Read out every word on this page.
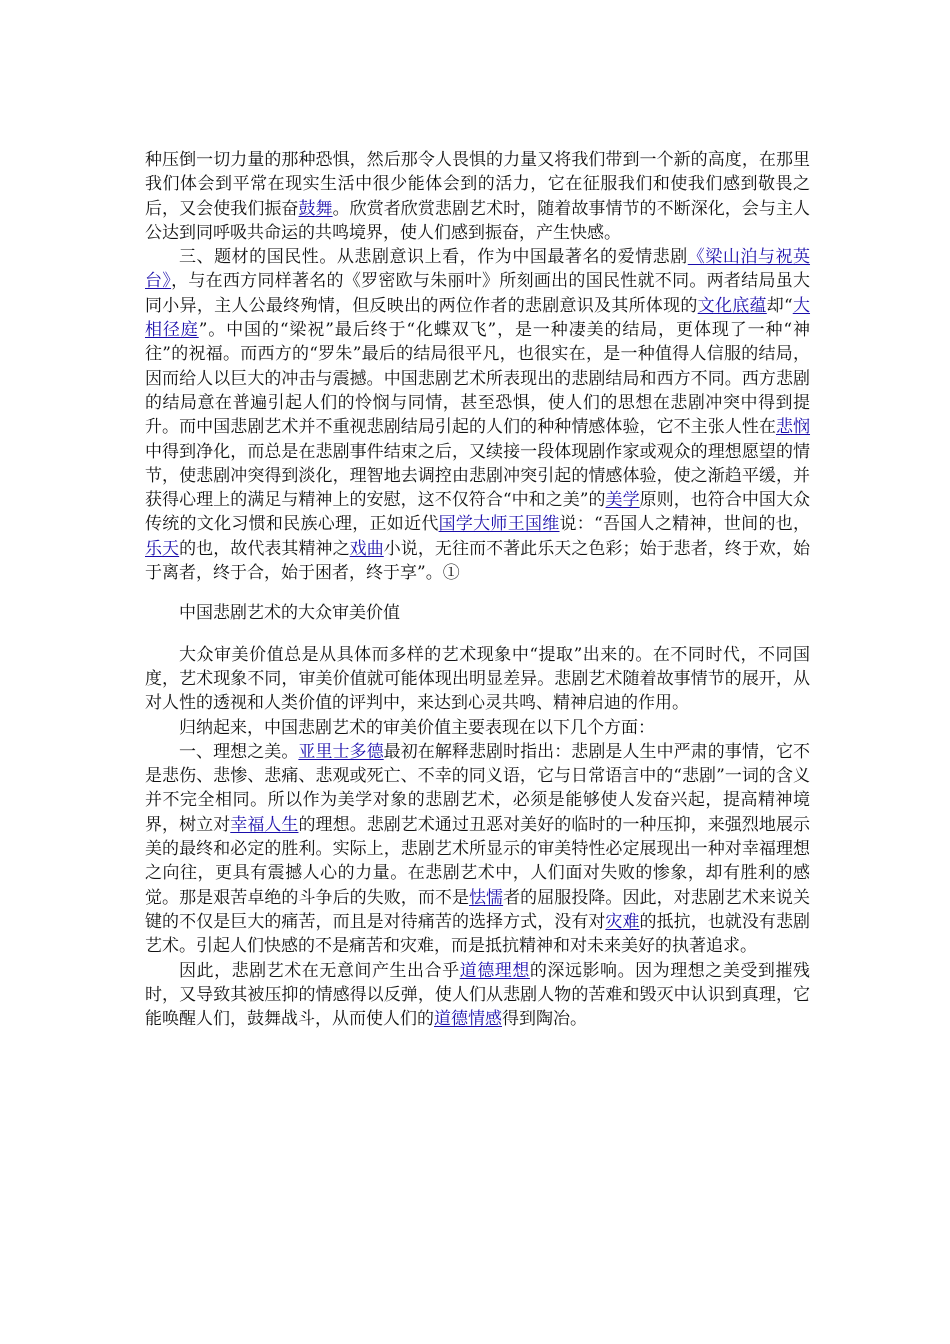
种压倒一切力量的那种恐惧，然后那令人畏惧的力量又将我们带到一个新的高度，在那里我们体会到平常在现实生活中很少能体会到的活力，它在征服我们和使我们感到敬畏之后，又会使我们振奋鼓舞。欣赏者欣赏悲剧艺术时，随着故事情节的不断深化，会与主人公达到同呼吸共命运的共鸣境界，使人们感到振奋，产生快感。

三、题材的国民性。从悲剧意识上看，作为中国最著名的爱情悲剧《梁山泊与祝英台》，与在西方同样著名的《罗密欧与朱丽叶》所刻画出的国民性就不同。两者结局虽大同小异，主人公最终殉情，但反映出的两位作者的悲剧意识及其所体现的文化底蕴却“大相径庭”。中国的“梁祝”最后终于“化蝶双飞”，是一种凄美的结局，更体现了一种“神往”的祝福。而西方的“罗朱”最后的结局很平凡，也很实在，是一种值得人信服的结局，因而给人以巨大的冲击与震撼。中国悲剧艺术所表现出的悲剧结局和西方不同。西方悲剧的结局意在普遍引起人们的怜悯与同情，甚至恐惧，使人们的思想在悲剧冲突中得到提升。而中国悲剧艺术并不重视悲剧结局引起的人们的种种情感体验，它不主张人性在悲悯中得到净化，而总是在悲剧事件结束之后，又续接一段体现剧作家或观众的理想愿望的情节，使悲剧冲突得到淡化，理智地去调控由悲剧冲突引起的情感体验，使之渐趋平缓，并获得心理上的满足与精神上的安慰，这不仅符合“中和之美”的美学原则，也符合中国大众传统的文化习惯和民族心理，正如近代国学大师王国维说：“吾国人之精神，世间的也，乐天的也，故代表其精神之戏曲小说，无往而不著此乐天之色彩；始于悲者，终于欢，始于离者，终于合，始于困者，终于享”。①

中国悲剧艺术的大众审美价值

大众审美价值总是从具体而多样的艺术现象中“提取”出来的。在不同时代，不同国度，艺术现象不同，审美价值就可能体现出明显差异。悲剧艺术随着故事情节的展开，从对人性的透视和人类价值的评判中，来达到心灵共鸣、精神启迪的作用。

归纳起来，中国悲剧艺术的审美价值主要表现在以下几个方面：

一、理想之美。亚里士多德最初在解释悲剧时指出：悲剧是人生中严肃的事情，它不是悲伤、悲惨、悲痛、悲观或死亡、不幸的同义语，它与日常语言中的“悲剧”一词的含义并不完全相同。所以作为美学对象的悲剧艺术，必须是能够使人发奋兴起，提高精神境界，树立对幸福人生的理想。悲剧艺术通过丑恶对美好的临时的一种压抑，来强烈地展示美的最终和必定的胜利。实际上，悲剧艺术所显示的审美特性必定展现出一种对幸福理想之向往，更具有震撼人心的力量。在悲剧艺术中，人们面对失败的惨象，却有胜利的感觉。那是艰苦卓绝的斗争后的失败，而不是怯懦者的屈服投降。因此，对悲剧艺术来说关键的不仅是巨大的痛苦，而且是对待痛苦的选择方式，没有对灾难的抵抗，也就没有悲剧艺术。引起人们快感的不是痛苦和灾难，而是抵抗精神和对未来美好的执著追求。

因此，悲剧艺术在无意间产生出合乎道德理想的深远影响。因为理想之美受到摧残时，又导致其被压抑的情感得以反弹，使人们从悲剧人物的苦难和毁灭中认识到真理，它能唤醒人们，鼓舞战斗，从而使人们的道德情感得到陶冶。
